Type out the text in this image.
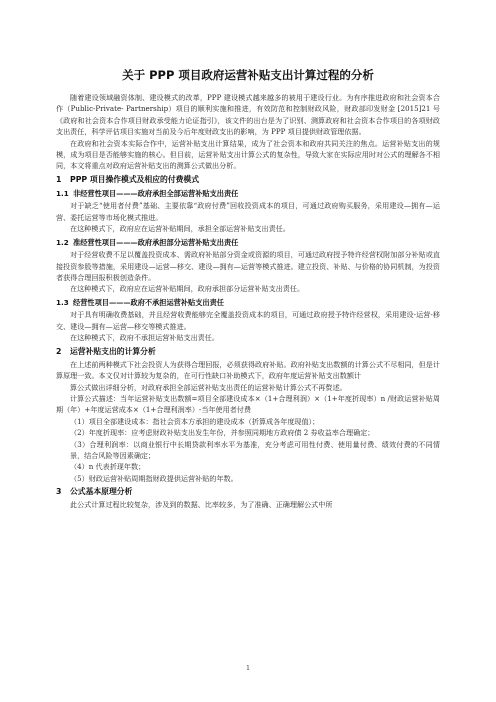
关于 PPP 项目政府运营补贴支出计算过程的分析

随着建设领域融资体制、建设模式的改革，PPP 建设模式越来越多的被用于建设行业。为有序推进政府和社会资本合作（Public-Private- Partnership）项目的顺利实施和推进，有效防范和控制财政风险，财政部印发财金 [2015]21 号《政府和社会资本合作项目财政承受能力论证指引》，该文件的出台是为了识别、测算政府和社会资本合作项目的各项财政支出责任，科学评估项目实施对当前及今后年度财政支出的影响，为 PPP 项目提供财政管理依据。

在政府和社会资本实际合作中，运营补贴支出计算结果，成为了社会资本和政府共同关注的焦点。运营补贴支出的规模，成为项目是否能够实施的核心。但目前，运营补贴支出计算公式的复杂性，导致大家在实际应用时对公式的理解各不相同，本文将重点对政府运营补贴支出的测算公式做出分析。

1 PPP 项目操作模式及相应的付费模式
1.1 非经营性项目———政府承担全部运营补贴支出责任

对于缺乏“使用者付费”基础、主要依靠“政府付费”回收投资成本的项目，可通过政府购买服务，采用建设—拥有—运营、委托运营等市场化模式推进。

在这种模式下，政府应在运营补贴期间，承担全部运营补贴支出责任。

1.2 准经营性项目———政府承担部分运营补贴支出责任

对于经营收费不足以覆盖投资成本、需政府补贴部分资金或资源的项目，可通过政府授予特许经营权附加部分补贴或直接投资参股等措施，采用建设—运营—移交、建设—拥有—运营等模式推进。建立投资、补贴、与价格的协同机制，为投资者获得合理回报积极创造条件。

在这种模式下，政府应在运营补贴期间，政府承担部分运营补贴支出责任。

1.3 经营性项目———政府不承担运营补贴支出责任

对于具有明确收费基础，并且经营收费能够完全覆盖投资成本的项目，可通过政府授予特许经营权，采用建设-运营-移交、建设—拥有—运营—移交等模式推进。

在这种模式下，政府不承担运营补贴支出责任。

2 运营补贴支出的计算分析

在上述前两种模式下社会投资人为获得合理回报，必须获得政府补贴。政府补贴支出数额的计算公式不尽相同，但是计算原理一致。本文仅对计算较为复杂的，在可行性缺口补助模式下，政府年度运营补贴支出数额计

算公式做出详细分析，对政府承担全部运营补贴支出责任的运营补贴计算公式不再赘述。

计算公式描述：当年运营补贴支出数额=项目全部建设成本×（1+合理利润）×（1+年度折现率）n /财政运营补贴周期（年）+年度运营成本×（1+合理利润率）-当年使用者付费

（1）项目全部建设成本：指社会资本方承担的建设成本（折算成各年度现值）；

（2）年度折现率：应考虑财政补贴支出发生年份，并参照同期地方政府债 2 券收益率合理确定；

（3）合理利润率：以商业银行中长期贷款利率水平为基准，充分考虑可用性付费、使用量付费、绩效付费的不同情景，结合风险等因素确定；

（4）n 代表折现年数；

（5）财政运营补贴周期指财政提供运营补贴的年数。

3 公式基本原理分析

此公式计算过程比较复杂，涉及到的数据、比率较多，为了准确、正确理解公式中所

1
